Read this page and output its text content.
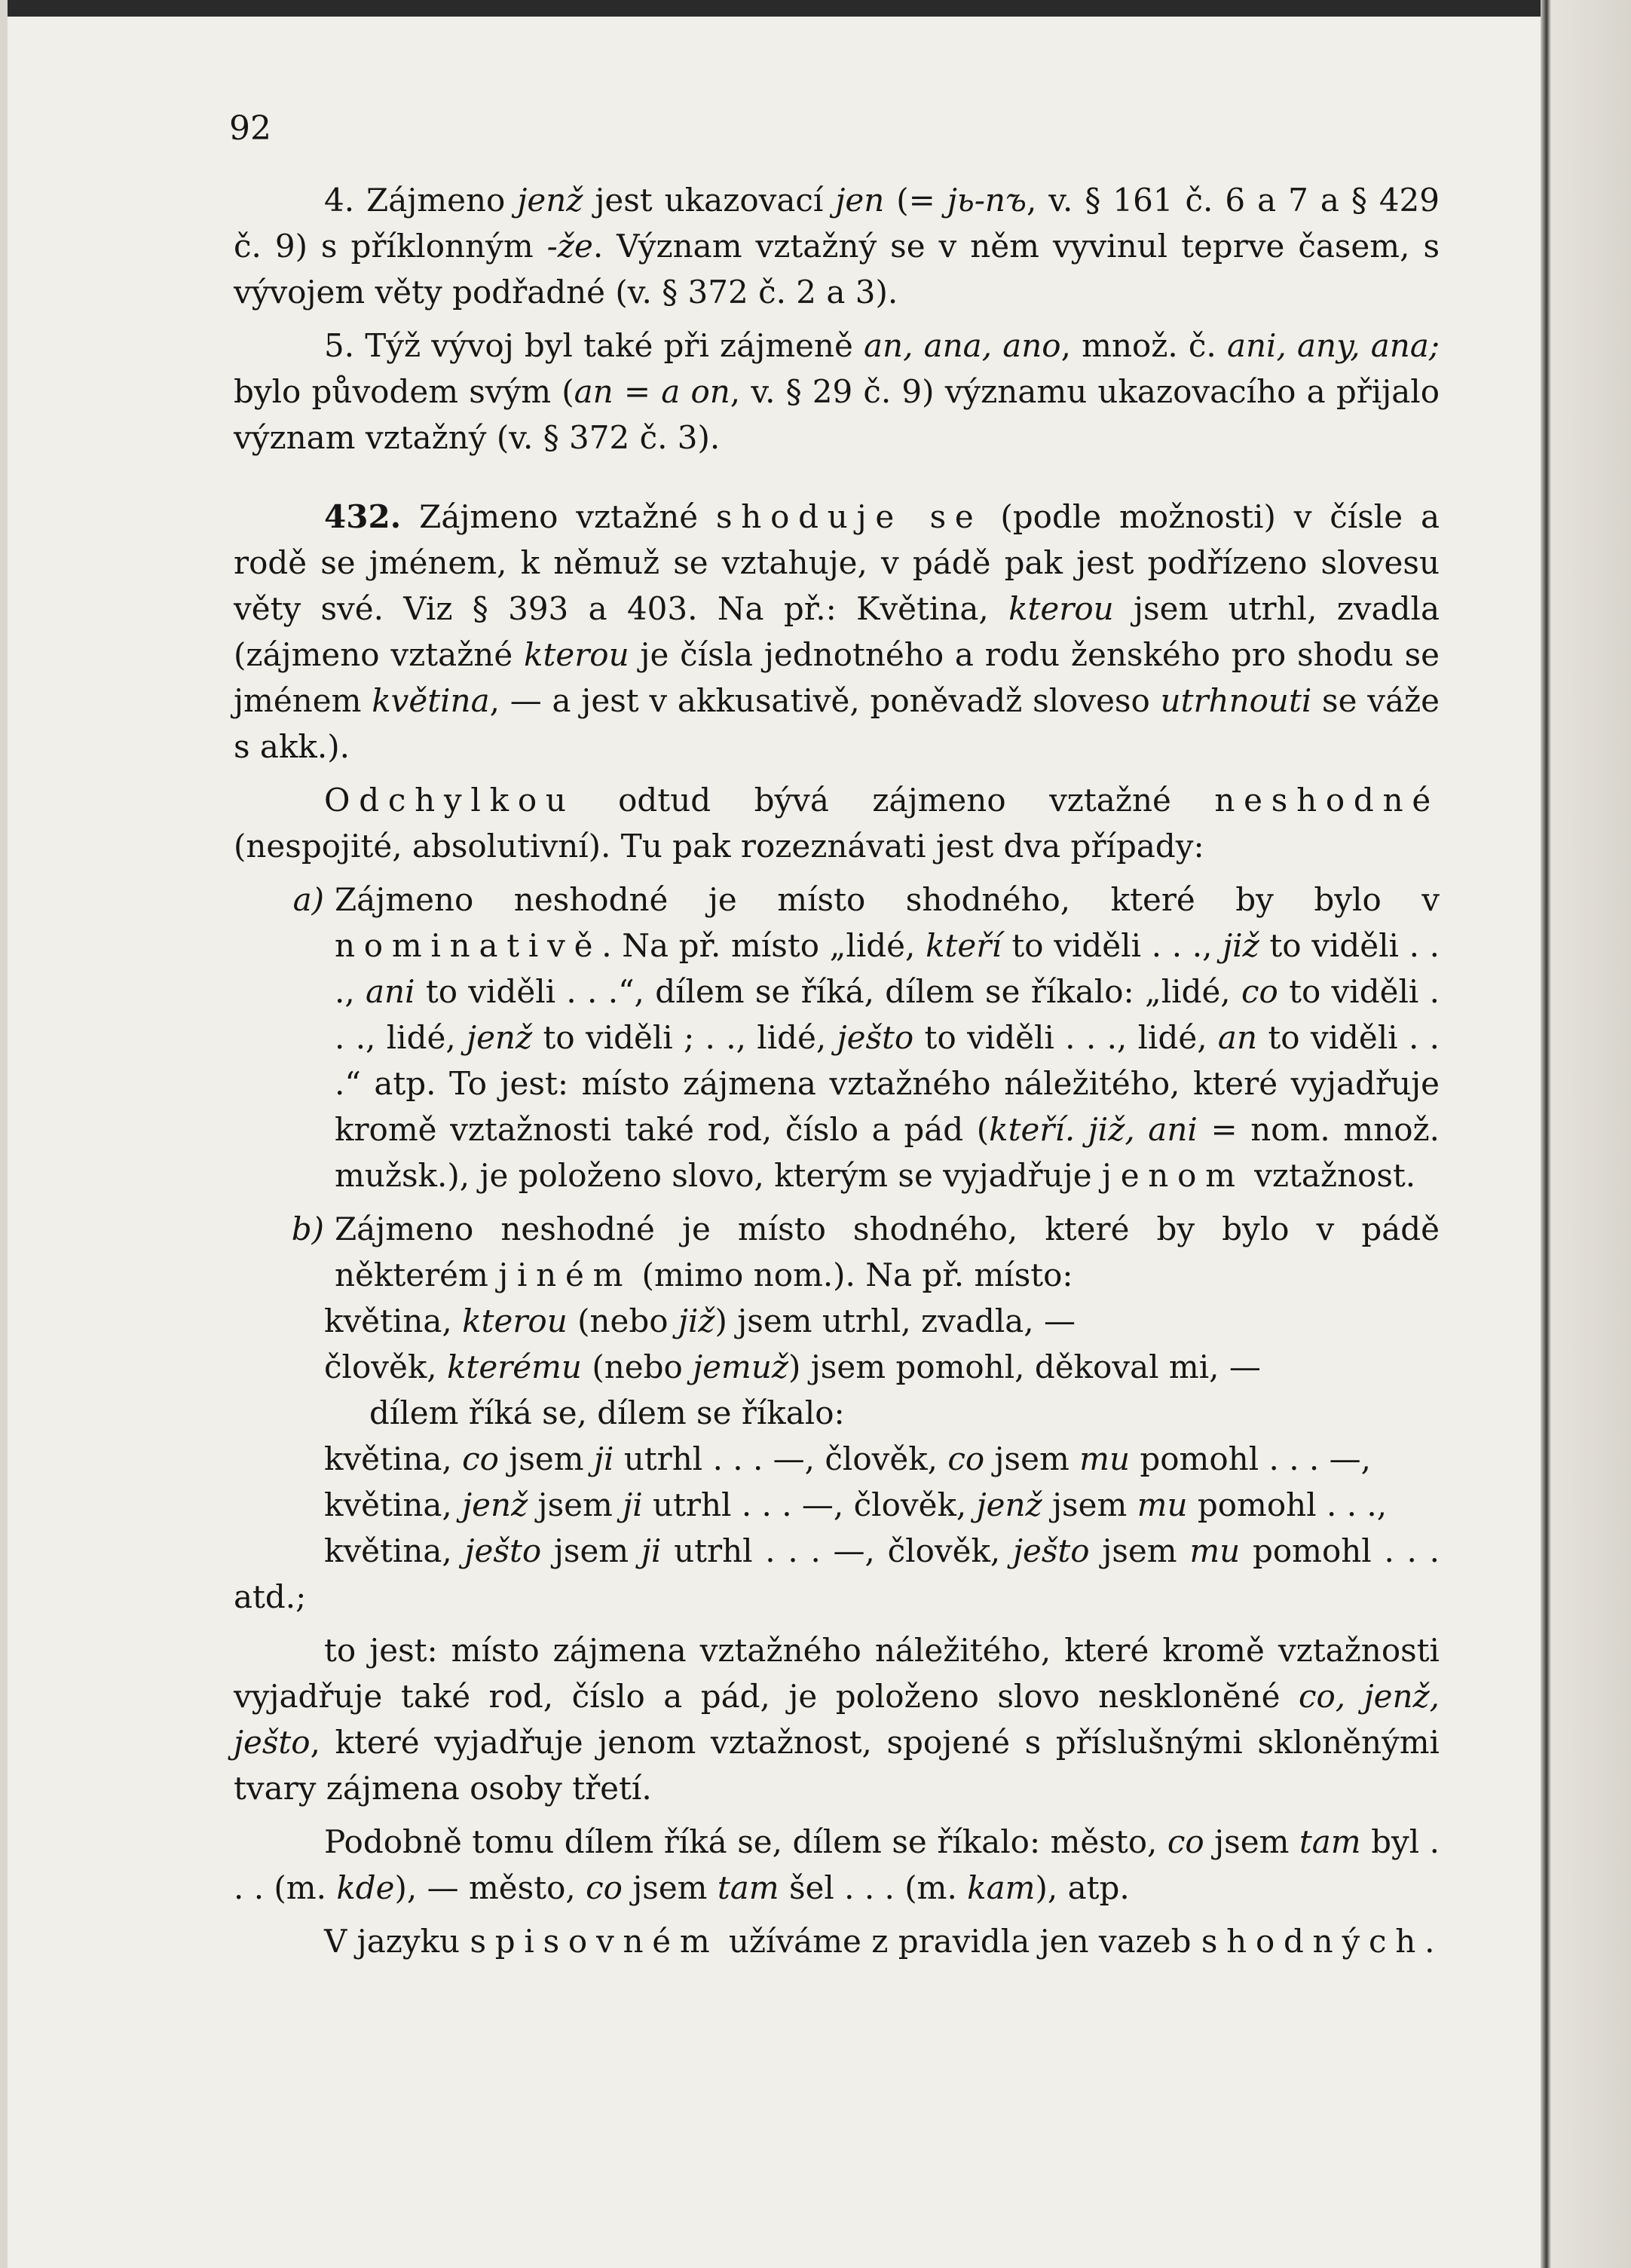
92

4. Zájmeno jenž jest ukazovací jen (= jь-nъ, v. § 161 č. 6 a 7 a § 429 č. 9) s příklonným -že. Význam vztažný se v něm vyvinul teprve časem, s vývojem věty podřadné (v. § 372 č. 2 a 3).

5. Týž vývoj byl také při zájmeně an, ana, ano, množ. č. ani, any, ana; bylo původem svým (an = a on, v. § 29 č. 9) významu ukazovacího a přijalo význam vztažný (v. § 372 č. 3).

432. Zájmeno vztažné shoduje se (podle možnosti) v čísle a rodě se jménem, k němuž se vztahuje, v pádě pak jest podřízeno slovesu věty své. Viz § 393 a 403. Na př.: Květina, kterou jsem utrhl, zvadla (zájmeno vztažné kterou je čísla jednotného a rodu ženského pro shodu se jménem květina, — a jest v akkusativě, poněvadž sloveso utrhnouti se váže s akk.).

Odchylkou odtud bývá zájmeno vztažné neshodné (nespojité, absolutivní). Tu pak rozeznávati jest dva případy:

a) Zájmeno neshodné je místo shodného, které by bylo v nominativě. Na př. místo „lidé, kteří to viděli . . ., již to viděli . . ., ani to viděli . . .“, dílem se říká, dílem se říkalo: „lidé, co to viděli . . ., lidé, jenž to viděli ; . ., lidé, ješto to viděli . . ., lidé, an to viděli . . .“ atp. To jest: místo zájmena vztažného náležitého, které vyjadřuje kromě vztažnosti také rod, číslo a pád (kteří. již, ani = nom. množ. mužsk.), je položeno slovo, kterým se vyjadřuje jenom vztažnost.
b) Zájmeno neshodné je místo shodného, které by bylo v pádě některém jiném (mimo nom.). Na př. místo:
květina, kterou (nebo již) jsem utrhl, zvadla, —
člověk, kterému (nebo jemuž) jsem pomohl, děkoval mi, —
dílem říká se, dílem se říkalo:
květina, co jsem ji utrhl . . . —, člověk, co jsem mu pomohl . . . —,
květina, jenž jsem ji utrhl . . . —, člověk, jenž jsem mu pomohl . . .,

květina, ješto jsem ji utrhl . . . —, člověk, ješto jsem mu pomohl . . . atd.;

to jest: místo zájmena vztažného náležitého, které kromě vztažnosti vyjadřuje také rod, číslo a pád, je položeno slovo nesklonĕné co, jenž, ješto, které vyjadřuje jenom vztažnost, spojené s příslušnými skloněnými tvary zájmena osoby třetí.

Podobně tomu dílem říká se, dílem se říkalo: město, co jsem tam byl . . . (m. kde), — město, co jsem tam šel . . . (m. kam), atp.

V jazyku spisovném užíváme z pravidla jen vazeb shodných.
